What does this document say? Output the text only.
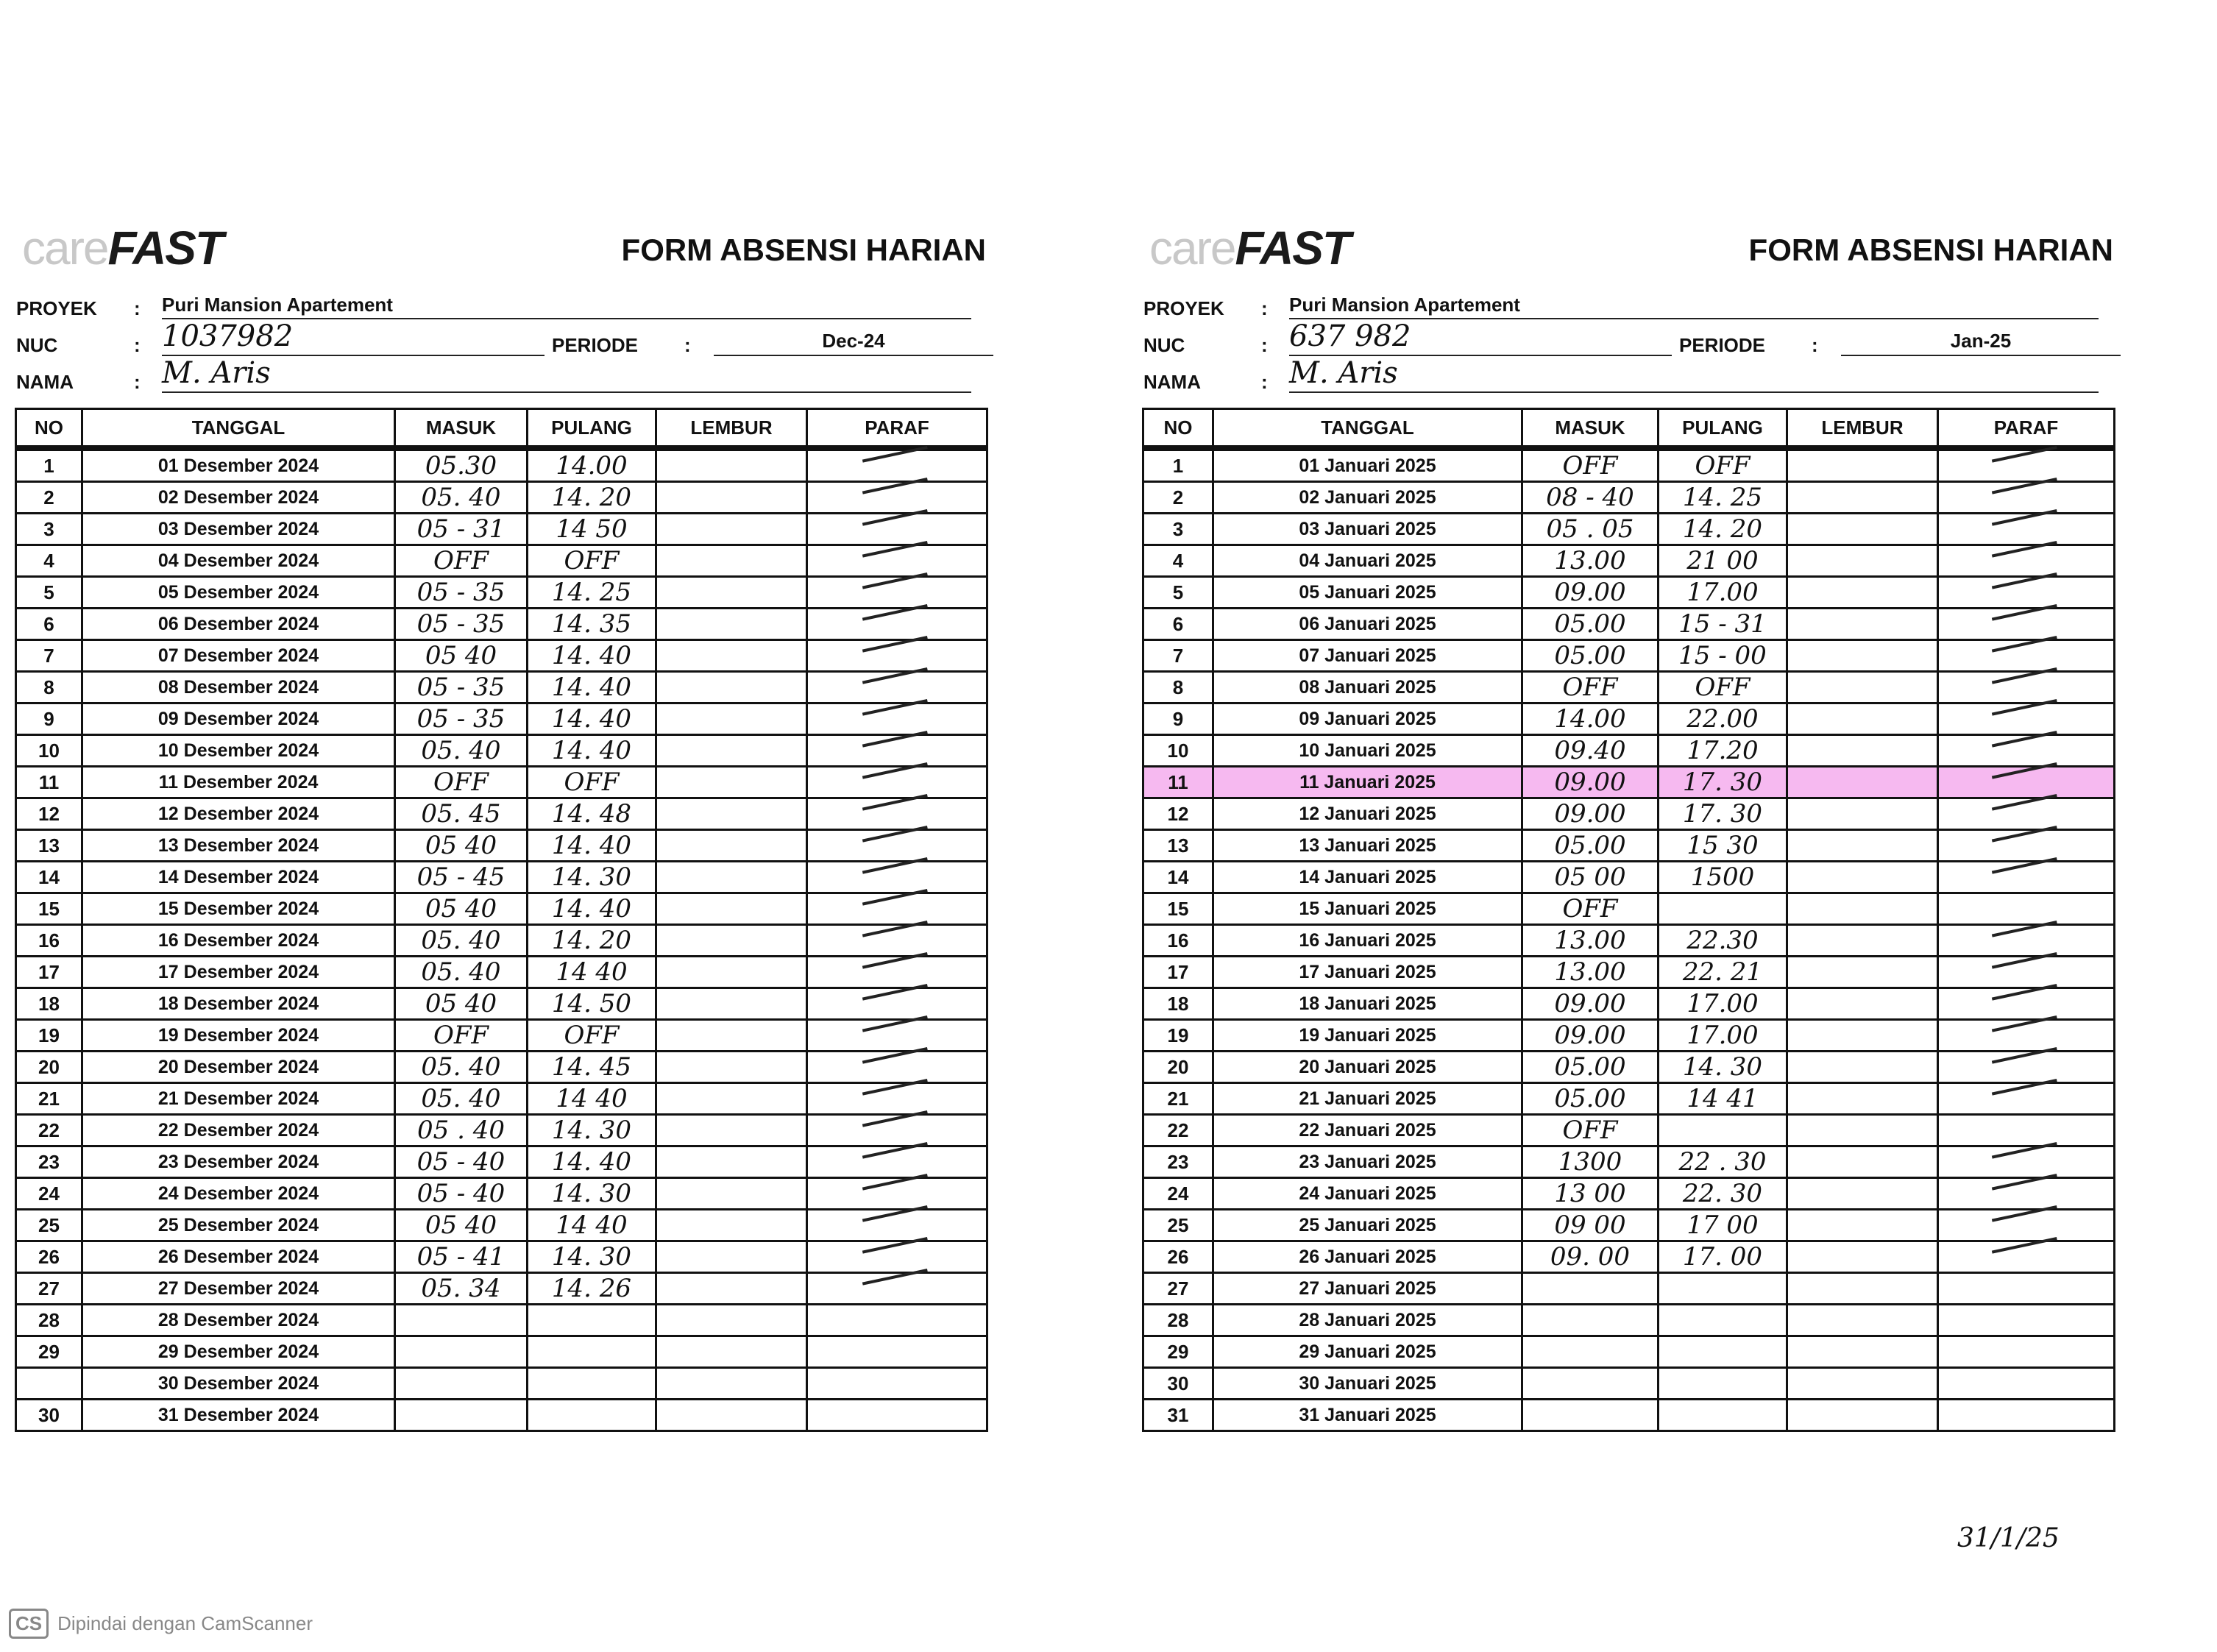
careFAST	FORM ABSENSI HARIAN
PROYEK	: Puri Mansion Apartement
NUC	: 1037982	PERIODE :	Dec-24
NAMA	: M. Aris
NO	TANGGAL	MASUK	PULANG	LEMBUR	PARAF
1	01 Desember 2024	05.30	14.00		
2	02 Desember 2024	05. 40	14. 20		
3	03 Desember 2024	05 - 31	14 50		
4	04 Desember 2024	OFF	OFF		
5	05 Desember 2024	05 - 35	14. 25		
6	06 Desember 2024	05 - 35	14. 35		
7	07 Desember 2024	05 40	14. 40		
8	08 Desember 2024	05 - 35	14. 40		
9	09 Desember 2024	05 - 35	14. 40		
10	10 Desember 2024	05. 40	14. 40		
11	11 Desember 2024	OFF	OFF		
12	12 Desember 2024	05. 45	14. 48		
13	13 Desember 2024	05 40	14. 40		
14	14 Desember 2024	05 - 45	14. 30		
15	15 Desember 2024	05 40	14. 40		
16	16 Desember 2024	05. 40	14. 20		
17	17 Desember 2024	05. 40	14 40		
18	18 Desember 2024	05 40	14. 50		
19	19 Desember 2024	OFF	OFF		
20	20 Desember 2024	05. 40	14. 45		
21	21 Desember 2024	05. 40	14 40		
22	22 Desember 2024	05 . 40	14. 30		
23	23 Desember 2024	05 - 40	14. 40		
24	24 Desember 2024	05 - 40	14. 30		
25	25 Desember 2024	05 40	14 40		
26	26 Desember 2024	05 - 41	14. 30		
27	27 Desember 2024	05. 34	14. 26		
28	28 Desember 2024				
29	29 Desember 2024				
	30 Desember 2024				
30	31 Desember 2024				
careFAST	FORM ABSENSI HARIAN
PROYEK	: Puri Mansion Apartement
NUC	: 637 982	PERIODE :	Jan-25
NAMA	: M. Aris
NO	TANGGAL	MASUK	PULANG	LEMBUR	PARAF
1	01 Januari 2025	OFF	OFF		
2	02 Januari 2025	08 - 40	14. 25		
3	03 Januari 2025	05 . 05	14. 20		
4	04 Januari 2025	13.00	21 00		
5	05 Januari 2025	09.00	17.00		
6	06 Januari 2025	05.00	15 - 31		
7	07 Januari 2025	05.00	15 - 00		
8	08 Januari 2025	OFF	OFF		
9	09 Januari 2025	14.00	22.00		
10	10 Januari 2025	09.40	17.20		
11	11 Januari 2025	09.00	17. 30		
12	12 Januari 2025	09.00	17. 30		
13	13 Januari 2025	05.00	15 30		
14	14 Januari 2025	05 00	1500		
15	15 Januari 2025	OFF			
16	16 Januari 2025	13.00	22.30		
17	17 Januari 2025	13.00	22. 21		
18	18 Januari 2025	09.00	17.00		
19	19 Januari 2025	09.00	17.00		
20	20 Januari 2025	05.00	14. 30		
21	21 Januari 2025	05.00	14 41		
22	22 Januari 2025	OFF			
23	23 Januari 2025	1300	22 . 30		
24	24 Januari 2025	13 00	22. 30		
25	25 Januari 2025	09 00	17 00		
26	26 Januari 2025	09. 00	17. 00		
27	27 Januari 2025				
28	28 Januari 2025				
29	29 Januari 2025				
30	30 Januari 2025				
31	31 Januari 2025				
31/1/25
CS Dipindai dengan CamScanner
